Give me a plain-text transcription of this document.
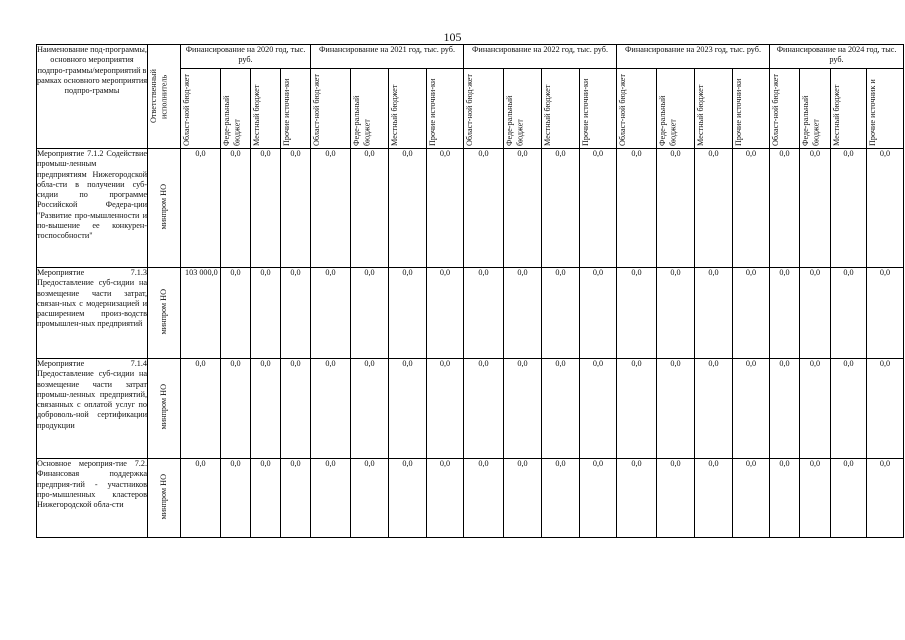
105
Наименование под-программы, основного мероприятия подпро-граммы/мероприятий в рамках основного мероприятия подпро-граммы	Ответственный исполнитель	Финансирование на 2020 год, тыс. руб.				Финансирование на 2021 год, тыс. руб.				Финансирование на 2022 год, тыс. руб.				Финансирование на 2023 год, тыс. руб.				Финансирование на 2024 год, тыс. руб.			

		Област-ной бюд-жет	Феде-ральный бюджет	Местный бюджет	Прочие источни-ки	Област-ной бюд-жет	Феде-ральный бюджет	Местный бюджет	Прочие источни-ки	Област-ной бюд-жет	Феде-ральный бюджет	Местный бюджет	Прочие источни-ки	Област-ной бюд-жет	Феде-ральный бюджет	Местный бюджет	Прочие источни-ки	Област-ной бюд-жет	Феде-ральный бюджет	Местный бюджет	Прочие источник и

Мероприятие 7.1.2 Содействие промыш-ленным предприятиям Нижегородской обла-сти в получении суб-сидии по программе Российской Федера-ции "Развитие про-мышленности и по-вышение ее конкурен-тоспособности"	минпром НО	0,0	0,0	0,0	0,0	0,0	0,0	0,0	0,0	0,0	0,0	0,0	0,0	0,0	0,0	0,0	0,0	0,0	0,0	0,0	0,0
Мероприятие 7.1.3 Предоставление суб-сидии на возмещение части затрат, связан-ных с модернизацией и расширением произ-водств промышлен-ных предприятий	минпром НО	103 000,0	0,0	0,0	0,0	0,0	0,0	0,0	0,0	0,0	0,0	0,0	0,0	0,0	0,0	0,0	0,0	0,0	0,0	0,0	0,0
Мероприятие 7.1.4 Предоставление суб-сидии на возмещение части затрат промыш-ленных предприятий, связанных с оплатой услуг по доброволь-ной сертификации продукции	минпром НО	0,0	0,0	0,0	0,0	0,0	0,0	0,0	0,0	0,0	0,0	0,0	0,0	0,0	0,0	0,0	0,0	0,0	0,0	0,0	0,0
Основное мероприя-тие 7.2. Финансовая поддержка предприя-тий - участников про-мышленных кластеров Нижегородской обла-сти	минпром НО	0,0	0,0	0,0	0,0	0,0	0,0	0,0	0,0	0,0	0,0	0,0	0,0	0,0	0,0	0,0	0,0	0,0	0,0	0,0	0,0
